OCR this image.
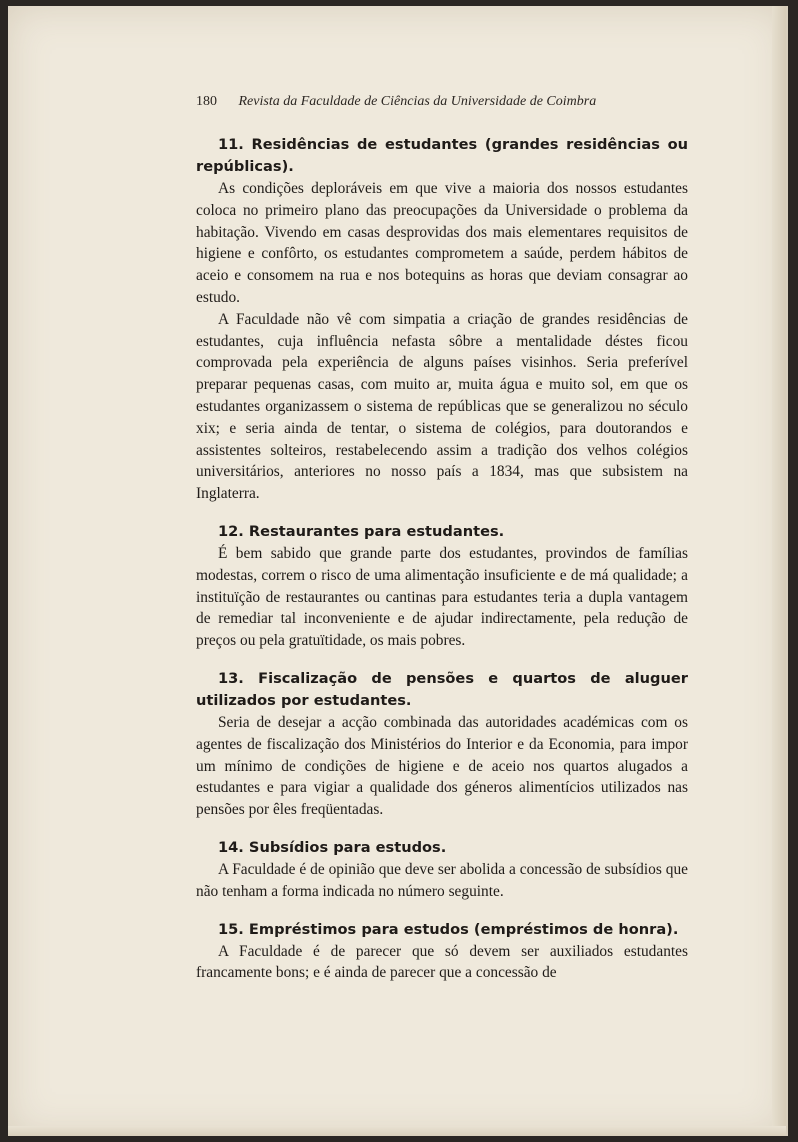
180 Revista da Faculdade de Ciências da Universidade de Coimbra

11. Residências de estudantes (grandes residências ou repúblicas).

As condições deploráveis em que vive a maioria dos nossos estudantes coloca no primeiro plano das preocupações da Universidade o problema da habitação. Vivendo em casas desprovidas dos mais elementares requisitos de higiene e confôrto, os estudantes comprometem a saúde, perdem hábitos de aceio e consomem na rua e nos botequins as horas que deviam consagrar ao estudo.

A Faculdade não vê com simpatia a criação de grandes residências de estudantes, cuja influência nefasta sôbre a mentalidade déstes ficou comprovada pela experiência de alguns países visinhos. Seria preferível preparar pequenas casas, com muito ar, muita água e muito sol, em que os estudantes organizassem o sistema de repúblicas que se generalizou no século xix; e seria ainda de tentar, o sistema de colégios, para doutorandos e assistentes solteiros, restabelecendo assim a tradição dos velhos colégios universitários, anteriores no nosso país a 1834, mas que subsistem na Inglaterra.

12. Restaurantes para estudantes.

É bem sabido que grande parte dos estudantes, provindos de famílias modestas, correm o risco de uma alimentação insuficiente e de má qualidade; a instituïção de restaurantes ou cantinas para estudantes teria a dupla vantagem de remediar tal inconveniente e de ajudar indirectamente, pela redução de preços ou pela gratuïtidade, os mais pobres.

13. Fiscalização de pensões e quartos de aluguer utilizados por estudantes.

Seria de desejar a acção combinada das autoridades académicas com os agentes de fiscalização dos Ministérios do Interior e da Economia, para impor um mínimo de condições de higiene e de aceio nos quartos alugados a estudantes e para vigiar a qualidade dos géneros alimentícios utilizados nas pensões por êles freqüentadas.

14. Subsídios para estudos.

A Faculdade é de opinião que deve ser abolida a concessão de subsídios que não tenham a forma indicada no número seguinte.

15. Empréstimos para estudos (empréstimos de honra).

A Faculdade é de parecer que só devem ser auxiliados estudantes francamente bons; e é ainda de parecer que a concessão de
